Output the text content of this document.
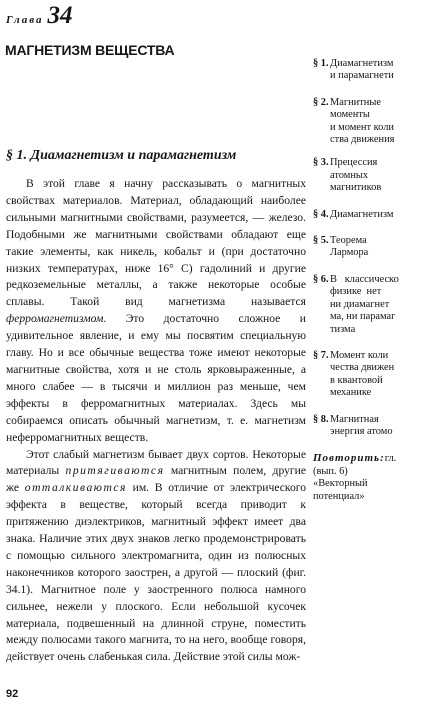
Глава 34
МАГНЕТИЗМ ВЕЩЕСТВА
§ 1. Диамагнетизм и парамагнетизм

В этой главе я начну рассказывать о магнитных свойствах материалов. Материал, обладающий наиболее сильными магнитными свойствами, разумеется, — железо. Подобными же магнитными свойствами обладают еще такие элементы, как никель, кобальт и (при достаточно низких температурах, ниже 16° C) гадолиний и другие редкоземельные металлы, а также некоторые особые сплавы. Такой вид магнетизма называется ферромагнетизмом. Это достаточно сложное и удивительное явление, и ему мы посвятим специальную главу. Но и все обычные вещества тоже имеют некоторые магнитные свойства, хотя и не столь ярковыраженные, а много слабее — в тысячи и миллион раз меньше, чем эффекты в ферромагнитных материалах. Здесь мы собираемся описать обычный магнетизм, т. е. магнетизм неферромагнитных веществ.

Этот слабый магнетизм бывает двух сортов. Некоторые материалы притягиваются магнитным полем, другие же отталкиваются им. В отличие от электрического эффекта в веществе, который всегда приводит к притяжению диэлектриков, магнитный эффект имеет два знака. Наличие этих двух знаков легко продемонстрировать с помощью сильного электромагнита, один из полюсных наконечников которого заострен, а другой — плоский (фиг. 34.1). Магнитное поле у заостренного полюса намного сильнее, нежели у плоского. Если небольшой кусочек материала, подвешенный на длинной струне, поместить между полюсами такого магнита, то на него, вообще говоря, действует очень слабенькая сила. Действие этой силы мож-

92
§ 1. Диамагнетизм
и парамагнети
§ 2. Магнитные
моменты
и момент коли
ства движения
§ 3. Прецессия
атомных
магнитиков
§ 4. Диамагнетизм
§ 5. Теорема
Лармора
§ 6. В   классическо
физике  нет
ни диамагнет
ма, ни парамаг
тизма
§ 7. Момент коли
чества движен
в квантовой
механике
§ 8. Магнитная
энергия атомо
Повторить:гл.
(вып. 6)
«Векторный
потенциал»
